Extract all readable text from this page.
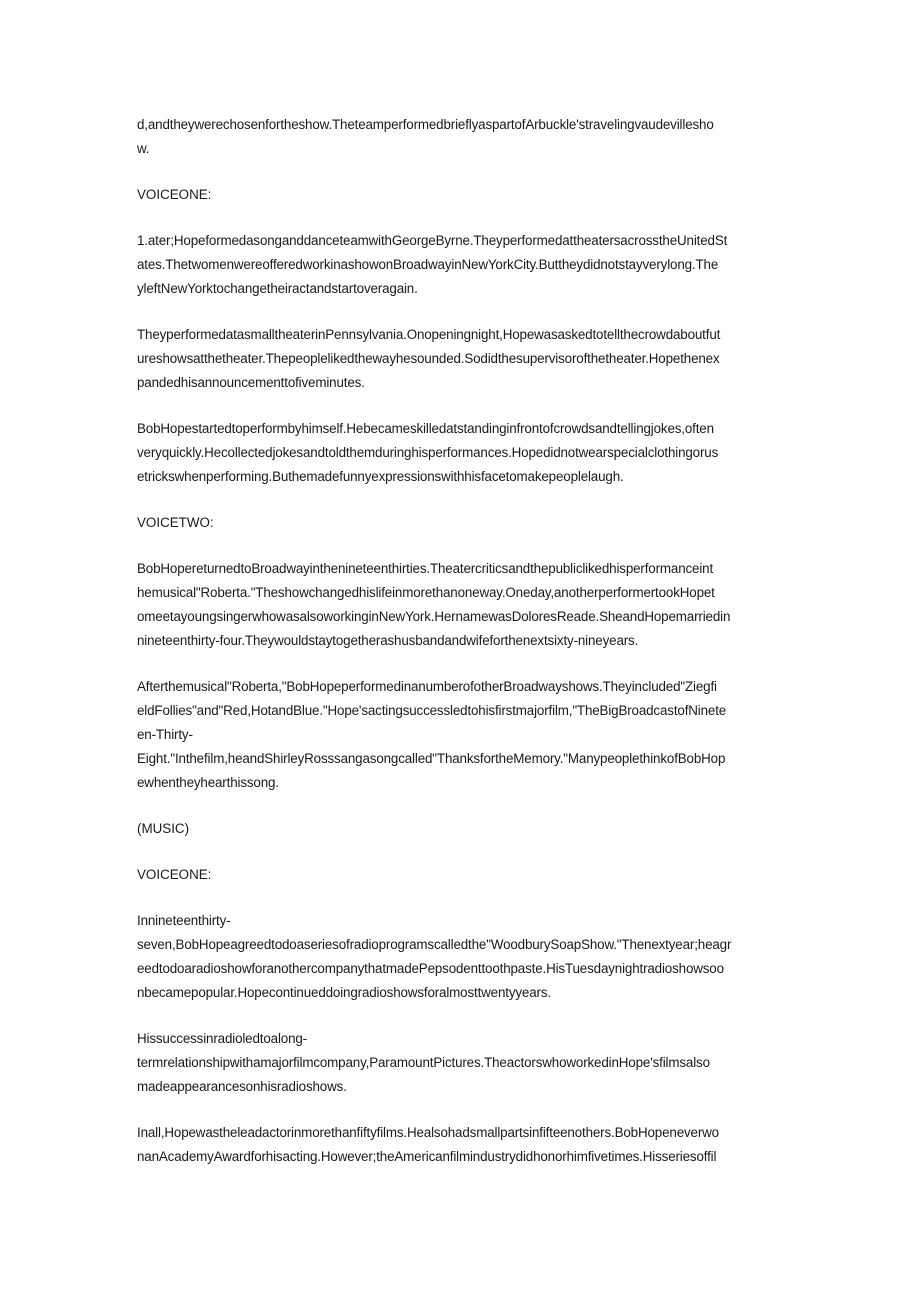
d,andtheywerechosenfortheshow.TheteamperformedbrieflyaspartofArbuckle'stravelingvaudevillesho
w.
VOICEONE:
1.ater;HopeformedasonganddanceteamwithGeorgeByrne.TheyperformedattheatersacrosstheUnitedSt
ates.ThetwomenwereofferedworkinashowonBroadwayinNewYorkCity.Buttheydidnotstayverylong.The
yleftNewYorktochangetheiractandstartoveragain.
TheyperformedatasmalltheaterinPennsylvania.Onopeningnight,Hopewasaskedtotellthecrowdaboutfut
ureshowsatthetheater.Thepeoplelikedthewayhesounded.Sodidthesupervisorofthetheater.Hopethenex
pandedhisannouncementtofiveminutes.
BobHopestartedtoperformbyhimself.Hebecameskilledatstandinginfrontofcrowdsandtellingjokes,often
veryquickly.Hecollectedjokesandtoldthemduringhisperformances.Hopedidnotwearspecialclothingorus
etrickswhenperforming.Buthemadefunnyexpressionswithhisfacetomakepeoplelaugh.
VOICETWO:
BobHopereturnedtoBroadwayinthenineteenthirties.Theatercriticsandthepubliclikedhisperformanceint
hemusical"Roberta."Theshowchangedhislifeinmorethanoneway.Oneday,anotherperformertookHopet
omeetayoungsingerwhowasalsoworkinginNewYork.HernamewasDoloresReade.SheandHopemarriedin
nineteenthirty-four.Theywouldstaytogetherashusbandandwifeforthenextsixty-nineyears.
Afterthemusical"Roberta,"BobHopeperformedinanumberofotherBroadwayshows.Theyincluded"Ziegfi
eldFollies"and"Red,HotandBlue."Hope'sactingsuccessledtohisfirstmajorfilm,"TheBigBroadcastofNinete
en-Thirty-
Eight."Inthefilm,heandShirleyRosssangasongcalled"ThanksfortheMemory."ManypeoplethinkofBobHop
ewhentheyhearthissong.
(MUSIC)
VOICEONE:
Innineteenthirty-
seven,BobHopeagreedtodoaseriesofradioprogramscalledthe"WoodburySoapShow."Thenextyear;heagr
eedtodoaradioshowforanothercompanythatmadePepsodenttoothpaste.HisTuesdaynightradioshowsoo
nbecamepopular.Hopecontinueddoingradioshowsforalmosttwentyyears.
Hissuccessinradioledtoalong-
termrelationshipwithamajorfilmcompany,ParamountPictures.TheactorswhoworkedinHope'sfilmsalso
madeappearancesonhisradioshows.
Inall,Hopewastheleadactorinmorethanfiftyfilms.Healsohadsmallpartsinfifteenothers.BobHopeneverwo
nanAcademyAwardforhisacting.However;theAmericanfilmindustrydidhonorhimfivetimes.Hisseriesoffil
